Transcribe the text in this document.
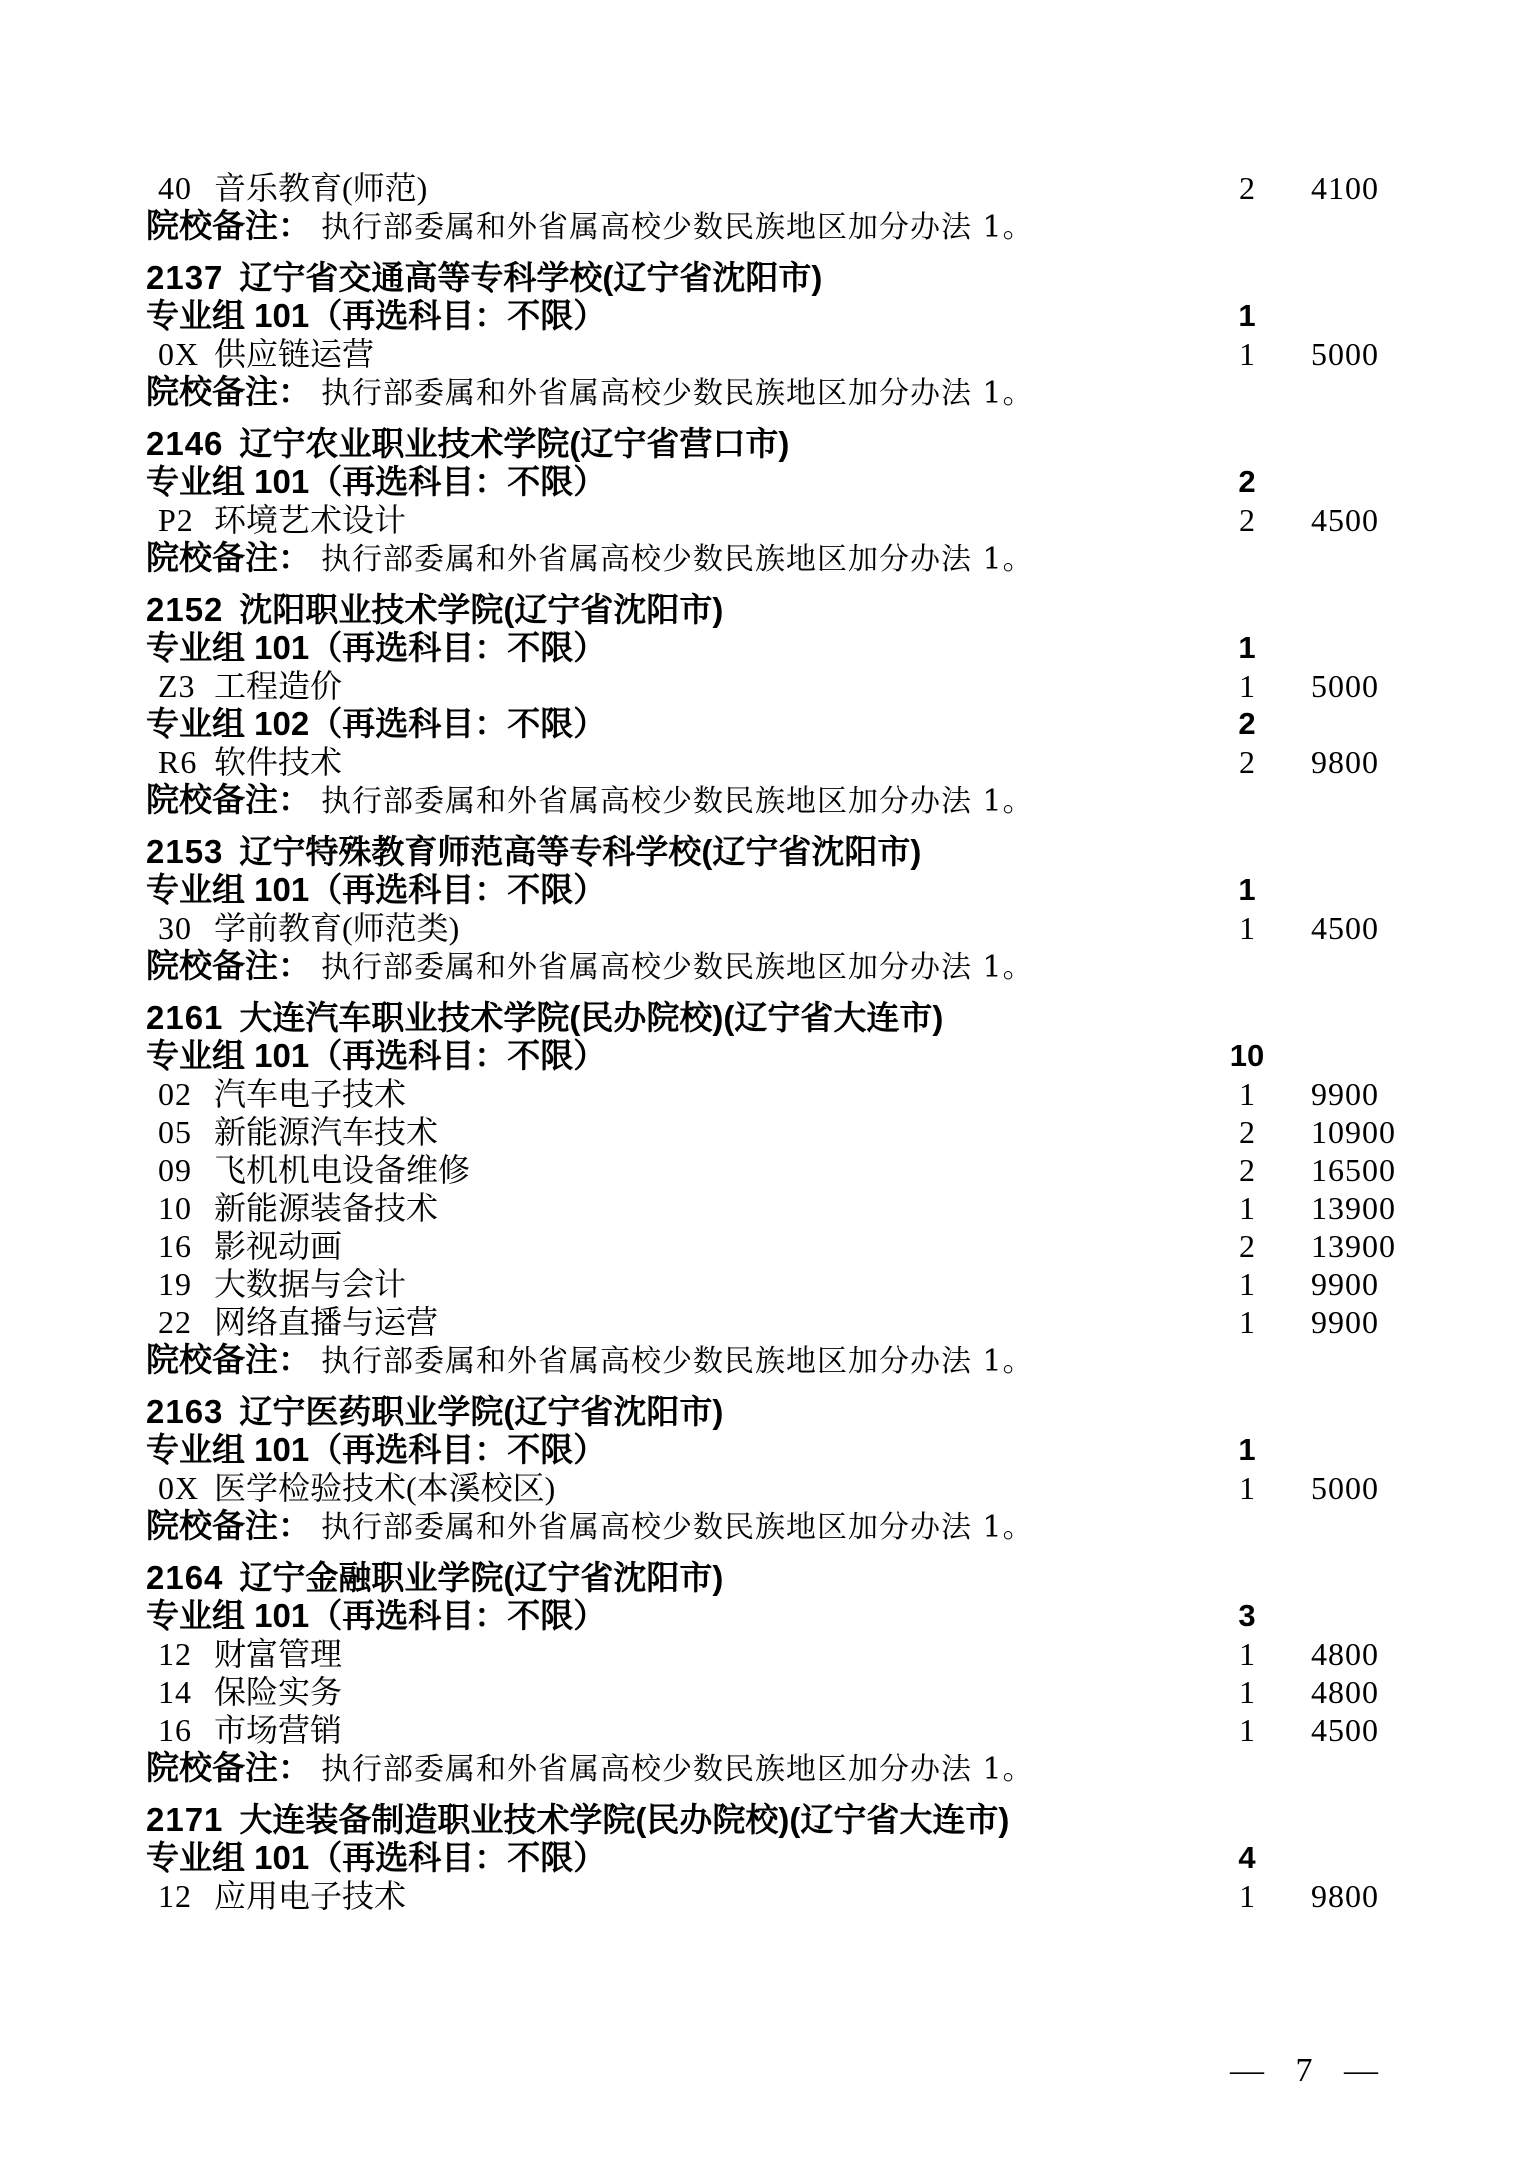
40 音乐教育(师范)	2	4100
院校备注： 执行部委属和外省属高校少数民族地区加分办法 1。
2137 辽宁省交通高等专科学校(辽宁省沈阳市)
专业组 101（再选科目：不限）	1
0X 供应链运营	1	5000
院校备注： 执行部委属和外省属高校少数民族地区加分办法 1。
2146 辽宁农业职业技术学院(辽宁省营口市)
专业组 101（再选科目：不限）	2
P2 环境艺术设计	2	4500
院校备注： 执行部委属和外省属高校少数民族地区加分办法 1。
2152 沈阳职业技术学院(辽宁省沈阳市)
专业组 101（再选科目：不限）	1
Z3 工程造价	1	5000
专业组 102（再选科目：不限）	2
R6 软件技术	2	9800
院校备注： 执行部委属和外省属高校少数民族地区加分办法 1。
2153 辽宁特殊教育师范高等专科学校(辽宁省沈阳市)
专业组 101（再选科目：不限）	1
30 学前教育(师范类)	1	4500
院校备注： 执行部委属和外省属高校少数民族地区加分办法 1。
2161 大连汽车职业技术学院(民办院校)(辽宁省大连市)
专业组 101（再选科目：不限）	10
02 汽车电子技术	1	9900
05 新能源汽车技术	2	10900
09 飞机机电设备维修	2	16500
10 新能源装备技术	1	13900
16 影视动画	2	13900
19 大数据与会计	1	9900
22 网络直播与运营	1	9900
院校备注： 执行部委属和外省属高校少数民族地区加分办法 1。
2163 辽宁医药职业学院(辽宁省沈阳市)
专业组 101（再选科目：不限）	1
0X 医学检验技术(本溪校区)	1	5000
院校备注： 执行部委属和外省属高校少数民族地区加分办法 1。
2164 辽宁金融职业学院(辽宁省沈阳市)
专业组 101（再选科目：不限）	3
12 财富管理	1	4800
14 保险实务	1	4800
16 市场营销	1	4500
院校备注： 执行部委属和外省属高校少数民族地区加分办法 1。
2171 大连装备制造职业技术学院(民办院校)(辽宁省大连市)
专业组 101（再选科目：不限）	4
12 应用电子技术	1	9800
— 7 —
